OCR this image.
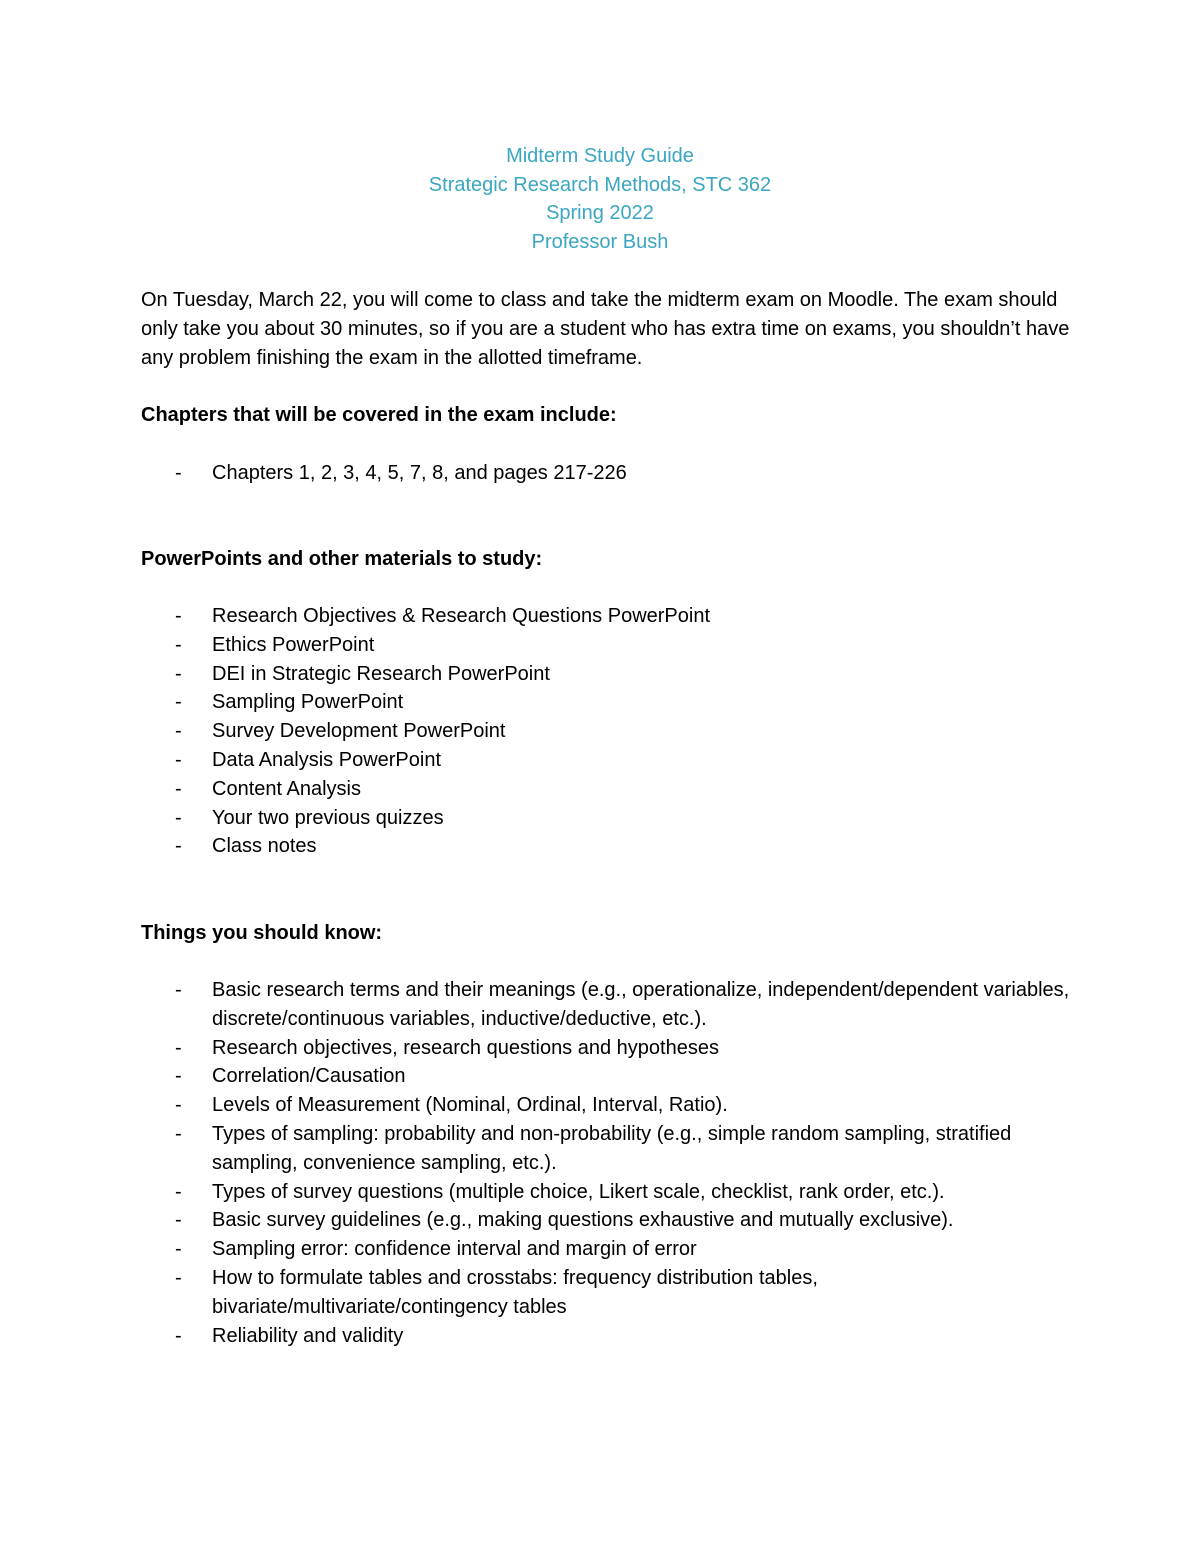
Midterm Study Guide
Strategic Research Methods, STC 362
Spring 2022
Professor Bush
On Tuesday, March 22, you will come to class and take the midterm exam on Moodle. The exam should only take you about 30 minutes, so if you are a student who has extra time on exams, you shouldn’t have any problem finishing the exam in the allotted timeframe.
Chapters that will be covered in the exam include:
- Chapters 1, 2, 3, 4, 5, 7, 8, and pages 217-226
PowerPoints and other materials to study:
- Research Objectives & Research Questions PowerPoint
- Ethics PowerPoint
- DEI in Strategic Research PowerPoint
- Sampling PowerPoint
- Survey Development PowerPoint
- Data Analysis PowerPoint
- Content Analysis
- Your two previous quizzes
- Class notes
Things you should know:
- Basic research terms and their meanings (e.g., operationalize, independent/dependent variables, discrete/continuous variables, inductive/deductive, etc.).
- Research objectives, research questions and hypotheses
- Correlation/Causation
- Levels of Measurement (Nominal, Ordinal, Interval, Ratio).
- Types of sampling: probability and non-probability (e.g., simple random sampling, stratified sampling, convenience sampling, etc.).
- Types of survey questions (multiple choice, Likert scale, checklist, rank order, etc.).
- Basic survey guidelines (e.g., making questions exhaustive and mutually exclusive).
- Sampling error: confidence interval and margin of error
- How to formulate tables and crosstabs: frequency distribution tables, bivariate/multivariate/contingency tables
- Reliability and validity
